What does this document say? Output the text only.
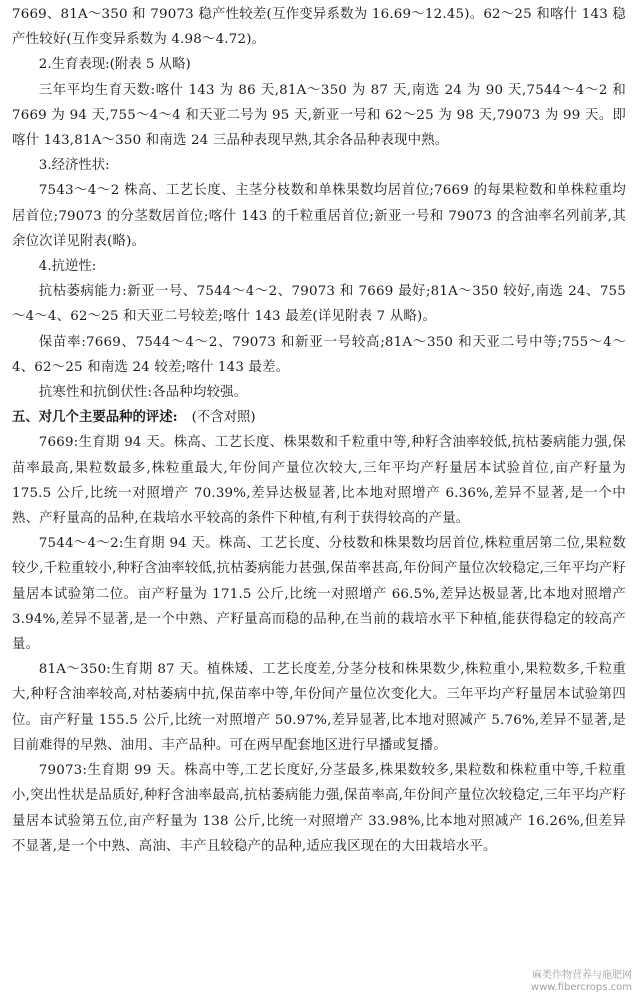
7669、81A～350 和 79073 稳产性较差(互作变异系数为 16.69～12.45)。62～25 和喀什 143 稳产性较好(互作变异系数为 4.98～4.72)。

2.生育表现:(附表 5 从略)

三年平均生育天数:喀什 143 为 86 天,81A～350 为 87 天,南选 24 为 90 天,7544～4～2 和 7669 为 94 天,755～4～4 和天亚二号为 95 天,新亚一号和 62～25 为 98 天,79073 为 99 天。即喀什 143,81A～350 和南选 24 三品种表现早熟,其余各品种表现中熟。

3.经济性状:

7543～4～2 株高、工艺长度、主茎分枝数和单株果数均居首位;7669 的每果粒数和单株粒重均居首位;79073 的分茎数居首位;喀什 143 的千粒重居首位;新亚一号和 79073 的含油率名列前茅,其余位次详见附表(略)。

4.抗逆性:

抗枯萎病能力:新亚一号、7544～4～2、79073 和 7669 最好;81A～350 较好,南选 24、755～4～4、62～25 和天亚二号较差;喀什 143 最差(详见附表 7 从略)。

保苗率:7669、7544～4～2、79073 和新亚一号较高;81A～350 和天亚二号中等;755～4～4、62～25 和南选 24 较差;喀什 143 最差。

抗寒性和抗倒伏性:各品种均较强。

五、对几个主要品种的评述: (不含对照)

7669:生育期 94 天。株高、工艺长度、株果数和千粒重中等,种籽含油率较低,抗枯萎病能力强,保苗率最高,果粒数最多,株粒重最大,年份间产量位次较大,三年平均产籽量居本试验首位,亩产籽量为 175.5 公斤,比统一对照增产 70.39%,差异达极显著,比本地对照增产 6.36%,差异不显著,是一个中熟、产籽量高的品种,在栽培水平较高的条件下种植,有利于获得较高的产量。

7544～4～2:生育期 94 天。株高、工艺长度、分枝数和株果数均居首位,株粒重居第二位,果粒数较少,千粒重较小,种籽含油率较低,抗枯萎病能力甚强,保苗率甚高,年份间产量位次较稳定,三年平均产籽量居本试验第二位。亩产籽量为 171.5 公斤,比统一对照增产 66.5%,差异达极显著,比本地对照增产 3.94%,差异不显著,是一个中熟、产籽量高而稳的品种,在当前的栽培水平下种植,能获得稳定的较高产量。

81A～350:生育期 87 天。植株矮、工艺长度差,分茎分枝和株果数少,株粒重小,果粒数多,千粒重大,种籽含油率较高,对枯萎病中抗,保苗率中等,年份间产量位次变化大。三年平均产籽量居本试验第四位。亩产籽量 155.5 公斤,比统一对照增产 50.97%,差异显著,比本地对照减产 5.76%,差异不显著,是目前难得的早熟、油用、丰产品种。可在两早配套地区进行早播或复播。

79073:生育期 99 天。株高中等,工艺长度好,分茎最多,株果数较多,果粒数和株粒重中等,千粒重小,突出性状是品质好,种籽含油率最高,抗枯萎病能力强,保苗率高,年份间产量位次较稳定,三年平均产籽量居本试验第五位,亩产籽量为 138 公斤,比统一对照增产 33.98%,比本地对照减产 16.26%,但差异不显著,是一个中熟、高油、丰产且较稳产的品种,适应我区现在的大田栽培水平。

麻类作物营养与施肥网
www.fibercrops.com
